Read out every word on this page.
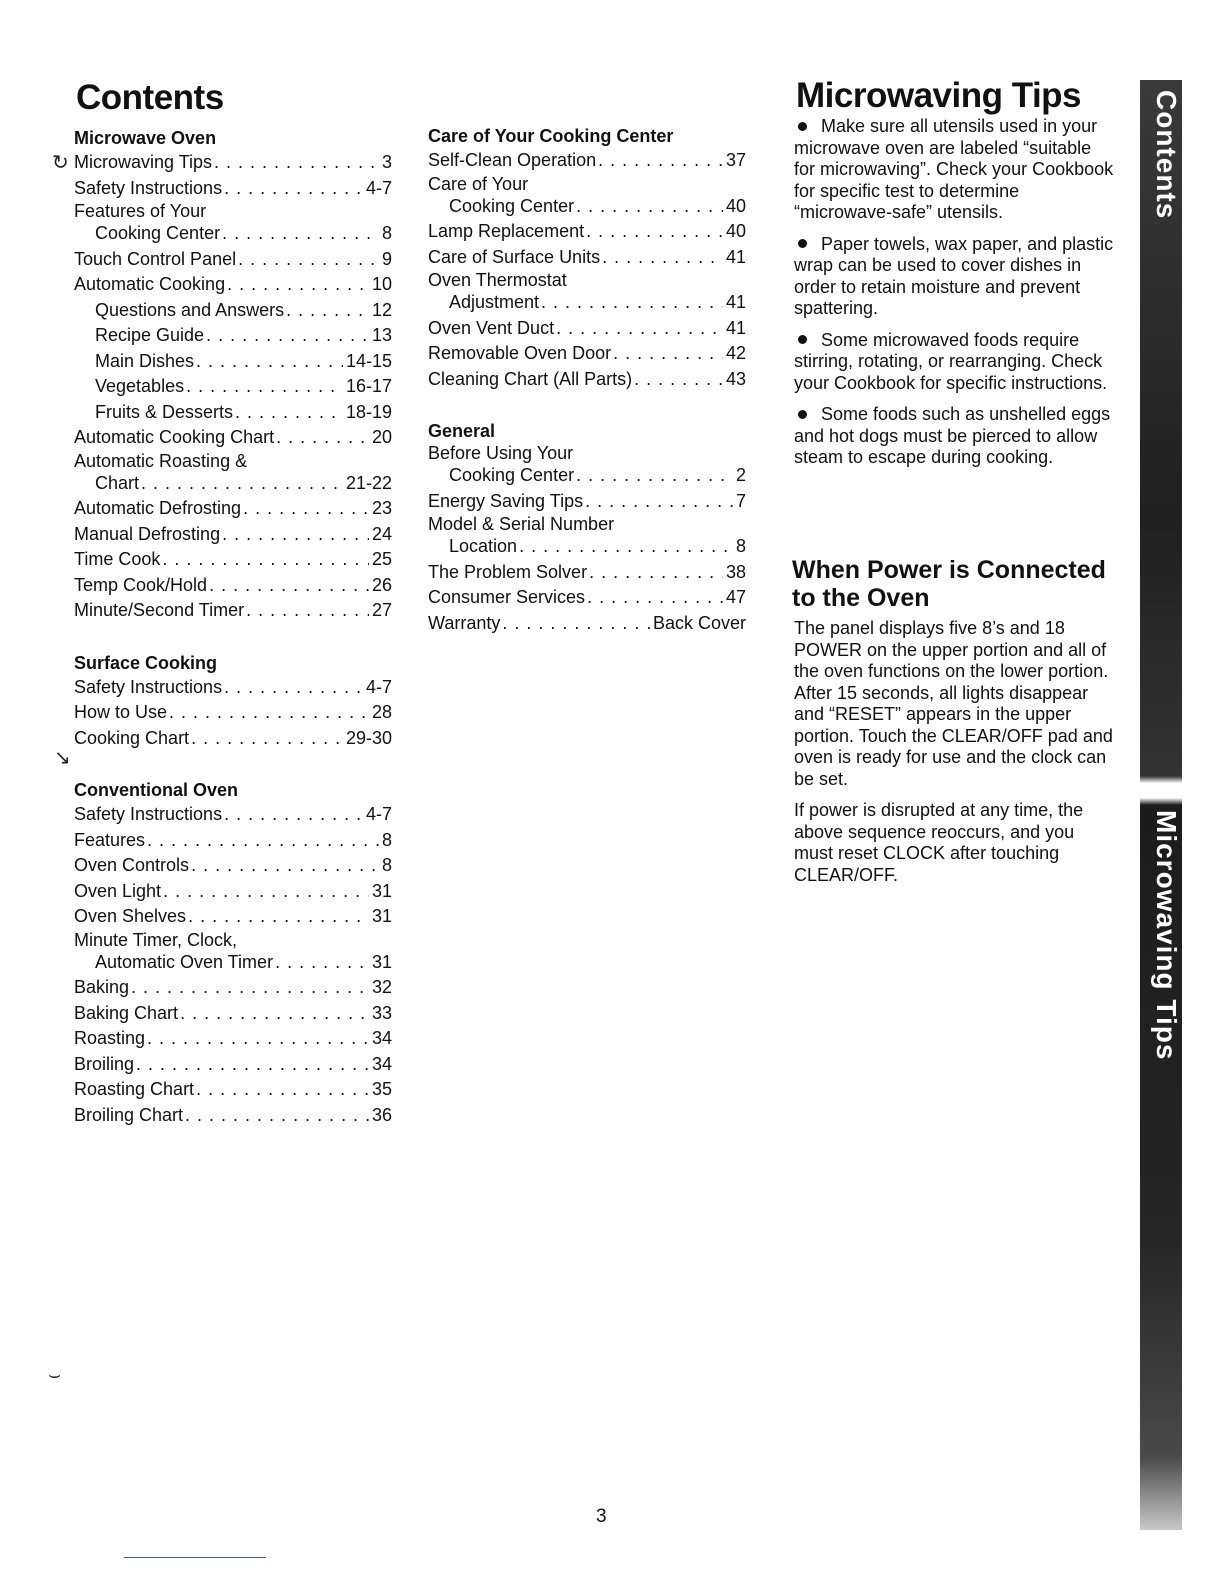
Contents	Microwaving Tips

Microwave Oven

Microwaving Tips . . .	3
Safety Instructions . . .	4-7
Features of Your
Cooking Center . . .	8
Touch Control Panel . . .	9
Automatic Cooking . . .	10
Questions and Answers . . .	12
Recipe Guide . . .	13
Main Dishes . . .	14-15
Vegetables . . .	16-17
Fruits & Desserts . . .	18-19
Automatic Cooking Chart . . .	20
Automatic Roasting &
Chart . . .	21-22
Automatic Defrosting . . .	23
Manual Defrosting . . .	24
Time Cook . . .	25
Temp Cook/Hold . . .	26
Minute/Second Timer . . .	27

Surface Cooking

Safety Instructions . . .	4-7
How to Use . . .	28
Cooking Chart . . .	29-30

Conventional Oven

Safety Instructions . . .	4-7
Features . . .	8
Oven Controls . . .	8
Oven Light . . .	31
Oven Shelves . . .	31
Minute Timer, Clock,
Automatic Oven Timer . . .	31
Baking . . .	32
Baking Chart . . .	33
Roasting . . .	34
Broiling . . .	34
Roasting Chart . . .	35
Broiling Chart . . .	36

Care of Your Cooking Center

Self-Clean Operation . . .	37
Care of Your
Cooking Center . . .	40
Lamp Replacement . . .	40
Care of Surface Units . . .	41
Oven Thermostat
Adjustment . . .	41
Oven Vent Duct . . .	41
Removable Oven Door . . .	42
Cleaning Chart (All Parts) . . .	43

General

Before Using Your
Cooking Center . . .	2
Energy Saving Tips . . .	7
Model & Serial Number
Location . . .	8
The Problem Solver . . .	38
Consumer Services . . .	47
Warranty . . .	Back Cover

Make sure all utensils used in your microwave oven are labeled “suitable for microwaving”. Check your Cookbook for specific test to determine “microwave-safe” utensils.

Paper towels, wax paper, and plastic wrap can be used to cover dishes in order to retain moisture and prevent spattering.

Some microwaved foods require stirring, rotating, or rearranging. Check your Cookbook for specific instructions.

Some foods such as unshelled eggs and hot dogs must be pierced to allow steam to escape during cooking.

When Power is Connected to the Oven

The panel displays five 8’s and 18 POWER on the upper portion and all of the oven functions on the lower portion. After 15 seconds, all lights disappear and “RESET” appears in the upper portion. Touch the CLEAR/OFF pad and oven is ready for use and the clock can be set.

If power is disrupted at any time, the above sequence reoccurs, and you must reset CLOCK after touching CLEAR/OFF.

Contents
Microwaving Tips
↻
↘
⌣
3
